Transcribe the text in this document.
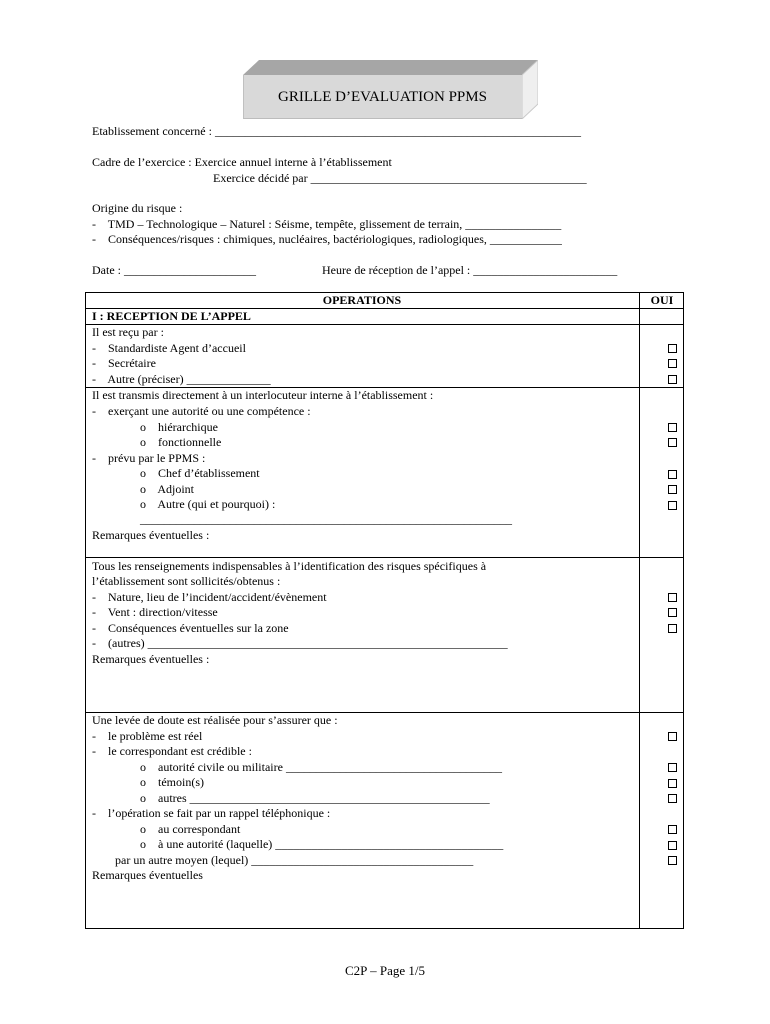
GRILLE D’EVALUATION PPMS
Etablissement concerné : _____________________________________________________________
Cadre de l’exercice : Exercice annuel interne à l’établissement
Exercice décidé par ______________________________________________
Origine du risque :
-    TMD – Technologique – Naturel : Séisme, tempête, glissement de terrain, ________________
-    Conséquences/risques : chimiques, nucléaires, bactériologiques, radiologiques, ____________
Date : ______________________	Heure de réception de l’appel : ________________________
OPERATIONS	OUI
I : RECEPTION DE L’APPEL
Il est reçu par :
-    Standardiste Agent d’accueil
-    Secrétaire
-    Autre (préciser) ______________
Il est transmis directement à un interlocuteur interne à l’établissement :
-    exerçant une autorité ou une compétence :
o    hiérarchique
o    fonctionnelle
-    prévu par le PPMS :
o    Chef d’établissement
o    Adjoint
o    Autre (qui et pourquoi) :
______________________________________________________________
Remarques éventuelles :
Tous les renseignements indispensables à l’identification des risques spécifiques à
l’établissement sont sollicités/obtenus :
-    Nature, lieu de l’incident/accident/évènement
-    Vent : direction/vitesse
-    Conséquences éventuelles sur la zone
-    (autres) ____________________________________________________________
Remarques éventuelles :
Une levée de doute est réalisée pour s’assurer que :
-    le problème est réel
-    le correspondant est crédible :
o    autorité civile ou militaire ____________________________________
o    témoin(s)
o    autres __________________________________________________
-    l’opération se fait par un rappel téléphonique :
o    au correspondant
o    à une autorité (laquelle) ______________________________________
par un autre moyen (lequel) _____________________________________
Remarques éventuelles
C2P – Page 1/5
